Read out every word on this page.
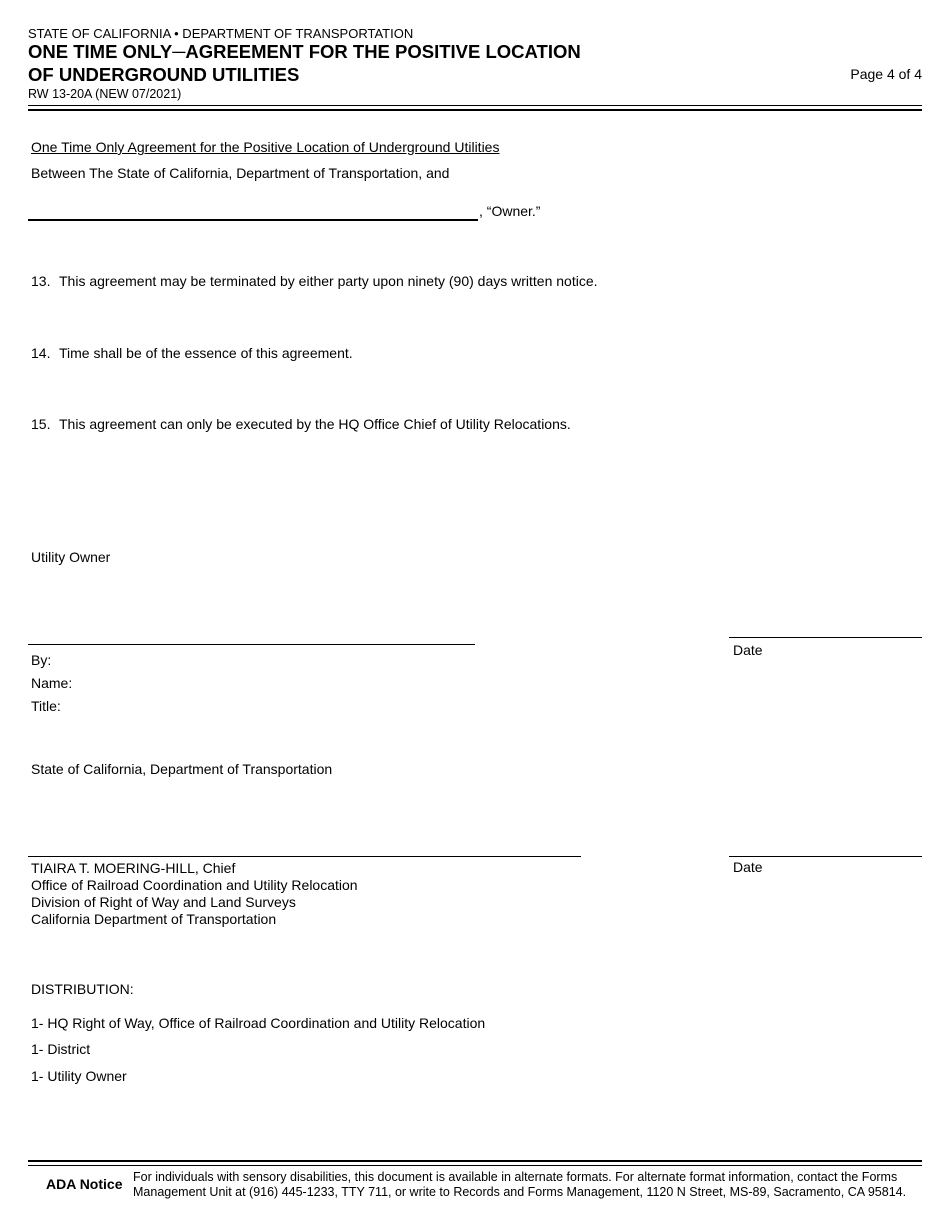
STATE OF CALIFORNIA • DEPARTMENT OF TRANSPORTATION
ONE TIME ONLY─AGREEMENT FOR THE POSITIVE LOCATION
OF UNDERGROUND UTILITIES
RW 13-20A (NEW 07/2021)
Page 4 of 4
One Time Only Agreement for the Positive Location of Underground Utilities
Between The State of California, Department of Transportation, and
, “Owner.”
13. This agreement may be terminated by either party upon ninety (90) days written notice.
14. Time shall be of the essence of this agreement.
15. This agreement can only be executed by the HQ Office Chief of Utility Relocations.
Utility Owner
Date
By:
Name:
Title:
State of California, Department of Transportation
Date
TIAIRA T. MOERING-HILL, Chief
Office of Railroad Coordination and Utility Relocation
Division of Right of Way and Land Surveys
California Department of Transportation
DISTRIBUTION:
1- HQ Right of Way, Office of Railroad Coordination and Utility Relocation
1- District
1- Utility Owner
ADA Notice For individuals with sensory disabilities, this document is available in alternate formats. For alternate format information, contact the Forms
Management Unit at (916) 445-1233, TTY 711, or write to Records and Forms Management, 1120 N Street, MS-89, Sacramento, CA 95814.
